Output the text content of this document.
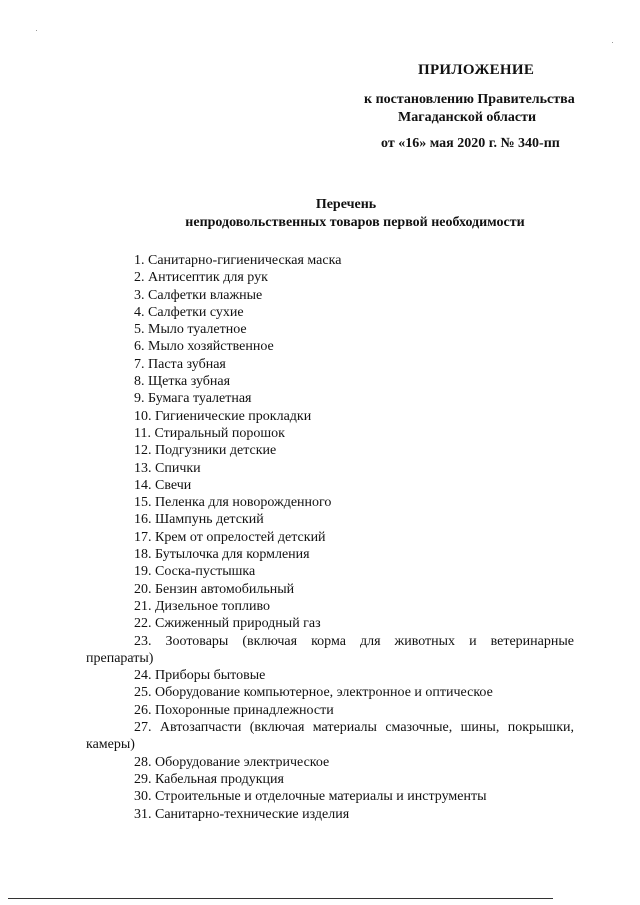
ПРИЛОЖЕНИЕ
к постановлению Правительства
Магаданской области
от «16» мая 2020 г. № 340-пп
Перечень
непродовольственных товаров первой необходимости
1. Санитарно-гигиеническая маска
2. Антисептик для рук
3. Салфетки влажные
4. Салфетки сухие
5. Мыло туалетное
6. Мыло хозяйственное
7. Паста зубная
8. Щетка зубная
9. Бумага туалетная
10. Гигиенические прокладки
11. Стиральный порошок
12. Подгузники детские
13. Спички
14. Свечи
15. Пеленка для новорожденного
16. Шампунь детский
17. Крем от опрелостей детский
18. Бутылочка для кормления
19. Соска-пустышка
20. Бензин автомобильный
21. Дизельное топливо
22. Сжиженный природный газ
23. Зоотовары (включая корма для животных и ветеринарные
препараты)
24. Приборы бытовые
25. Оборудование компьютерное, электронное и оптическое
26. Похоронные принадлежности
27. Автозапчасти (включая материалы смазочные, шины, покрышки,
камеры)
28. Оборудование электрическое
29. Кабельная продукция
30. Строительные и отделочные материалы и инструменты
31. Санитарно-технические изделия
